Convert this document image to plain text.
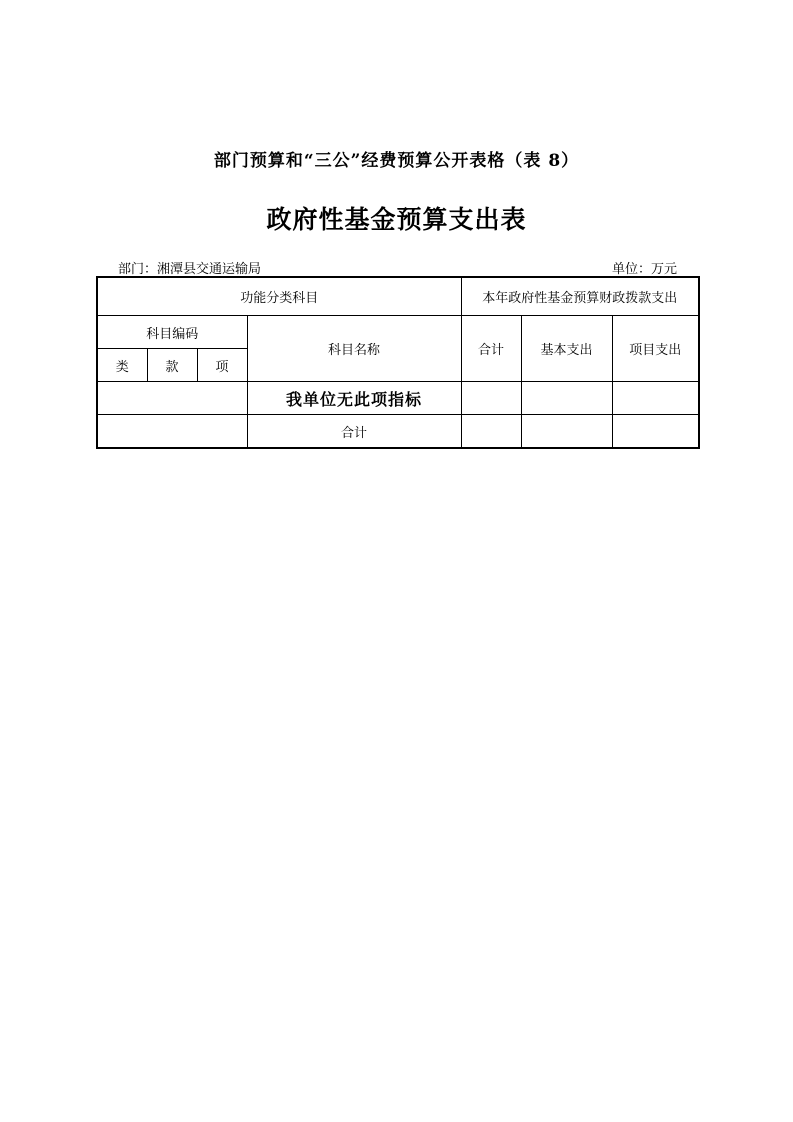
部门预算和“三公”经费预算公开表格（表 8）
政府性基金预算支出表
部门：湘潭县交通运输局	单位：万元
功能分类科目				本年政府性基金预算财政拨款支出		
科目编码			科目名称	合计	基本支出	项目支出
类	款	项				
			我单位无此项指标			
			合计			
